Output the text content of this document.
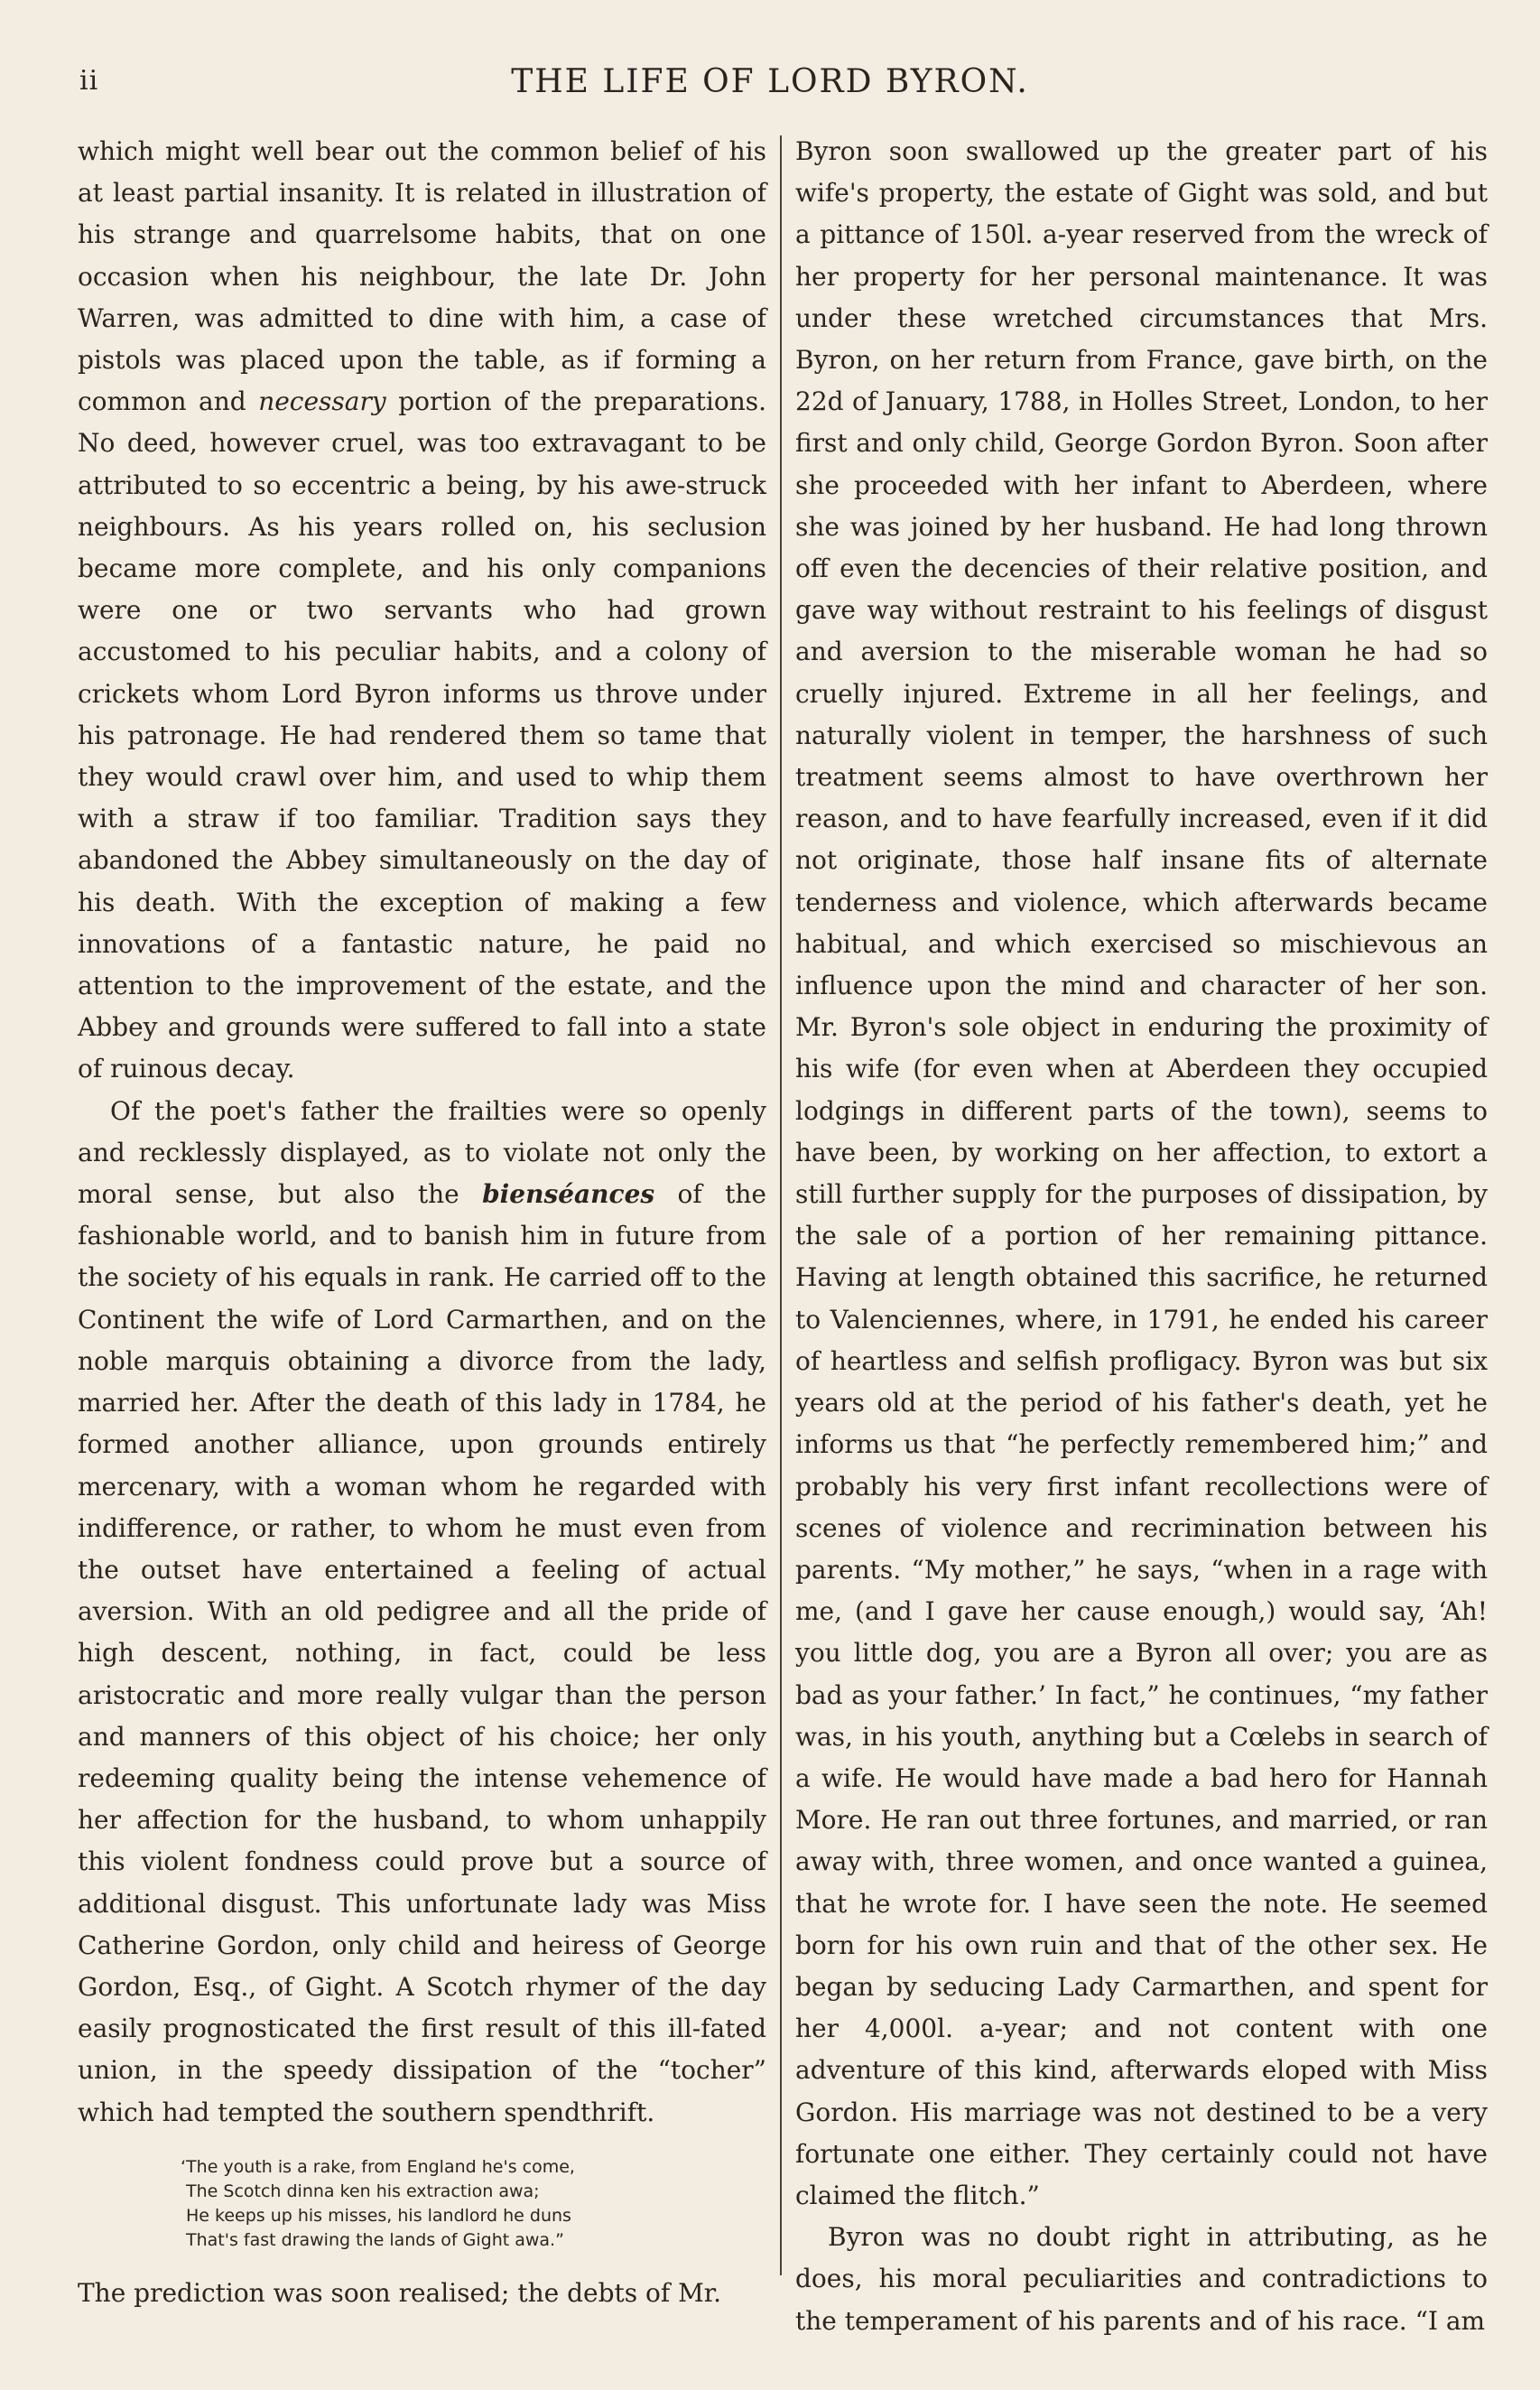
ii	THE LIFE OF LORD BYRON.

which might well bear out the common belief of his at least partial insanity. It is related in illustration of his strange and quarrelsome habits, that on one occasion when his neighbour, the late Dr. John Warren, was admitted to dine with him, a case of pistols was placed upon the table, as if forming a common and necessary portion of the preparations. No deed, however cruel, was too extravagant to be attributed to so eccentric a being, by his awe-struck neighbours. As his years rolled on, his seclusion became more complete, and his only companions were one or two servants who had grown accustomed to his peculiar habits, and a colony of crickets whom Lord Byron informs us throve under his patronage. He had rendered them so tame that they would crawl over him, and used to whip them with a straw if too familiar. Tradition says they abandoned the Abbey simultaneously on the day of his death. With the exception of making a few innovations of a fantastic nature, he paid no attention to the improvement of the estate, and the Abbey and grounds were suffered to fall into a state of ruinous decay.

Of the poet's father the frailties were so openly and recklessly displayed, as to violate not only the moral sense, but also the bienséances of the fashionable world, and to banish him in future from the society of his equals in rank. He carried off to the Continent the wife of Lord Carmarthen, and on the noble marquis obtaining a divorce from the lady, married her. After the death of this lady in 1784, he formed another alliance, upon grounds entirely mercenary, with a woman whom he regarded with indifference, or rather, to whom he must even from the outset have entertained a feeling of actual aversion. With an old pedigree and all the pride of high descent, nothing, in fact, could be less aristocratic and more really vulgar than the person and manners of this object of his choice; her only redeeming quality being the intense vehemence of her affection for the husband, to whom unhappily this violent fondness could prove but a source of additional disgust. This unfortunate lady was Miss Catherine Gordon, only child and heiress of George Gordon, Esq., of Gight. A Scotch rhymer of the day easily prognosticated the first result of this ill-fated union, in the speedy dissipation of the “tocher” which had tempted the southern spendthrift.

‘The youth is a rake, from England he's come,
The Scotch dinna ken his extraction awa;
He keeps up his misses, his landlord he duns
That's fast drawing the lands of Gight awa.”

The prediction was soon realised; the debts of Mr.

Byron soon swallowed up the greater part of his wife's property, the estate of Gight was sold, and but a pittance of 150l. a-year reserved from the wreck of her property for her personal maintenance. It was under these wretched circumstances that Mrs. Byron, on her return from France, gave birth, on the 22d of January, 1788, in Holles Street, London, to her first and only child, George Gordon Byron. Soon after she proceeded with her infant to Aberdeen, where she was joined by her husband. He had long thrown off even the decencies of their relative position, and gave way without restraint to his feelings of disgust and aversion to the miserable woman he had so cruelly injured. Extreme in all her feelings, and naturally violent in temper, the harshness of such treatment seems almost to have overthrown her reason, and to have fearfully increased, even if it did not originate, those half insane fits of alternate tenderness and violence, which afterwards became habitual, and which exercised so mischievous an influence upon the mind and character of her son. Mr. Byron's sole object in enduring the proximity of his wife (for even when at Aberdeen they occupied lodgings in different parts of the town), seems to have been, by working on her affection, to extort a still further supply for the purposes of dissipation, by the sale of a portion of her remaining pittance. Having at length obtained this sacrifice, he returned to Valenciennes, where, in 1791, he ended his career of heartless and selfish profligacy. Byron was but six years old at the period of his father's death, yet he informs us that “he perfectly remembered him;” and probably his very first infant recollections were of scenes of violence and recrimination between his parents. “My mother,” he says, “when in a rage with me, (and I gave her cause enough,) would say, ‘Ah! you little dog, you are a Byron all over; you are as bad as your father.’ In fact,” he continues, “my father was, in his youth, anything but a Cœlebs in search of a wife. He would have made a bad hero for Hannah More. He ran out three fortunes, and married, or ran away with, three women, and once wanted a guinea, that he wrote for. I have seen the note. He seemed born for his own ruin and that of the other sex. He began by seducing Lady Carmarthen, and spent for her 4,000l. a-year; and not content with one adventure of this kind, afterwards eloped with Miss Gordon. His marriage was not destined to be a very fortunate one either. They certainly could not have claimed the flitch.”

Byron was no doubt right in attributing, as he does, his moral peculiarities and contradictions to the temperament of his parents and of his race. “I am
